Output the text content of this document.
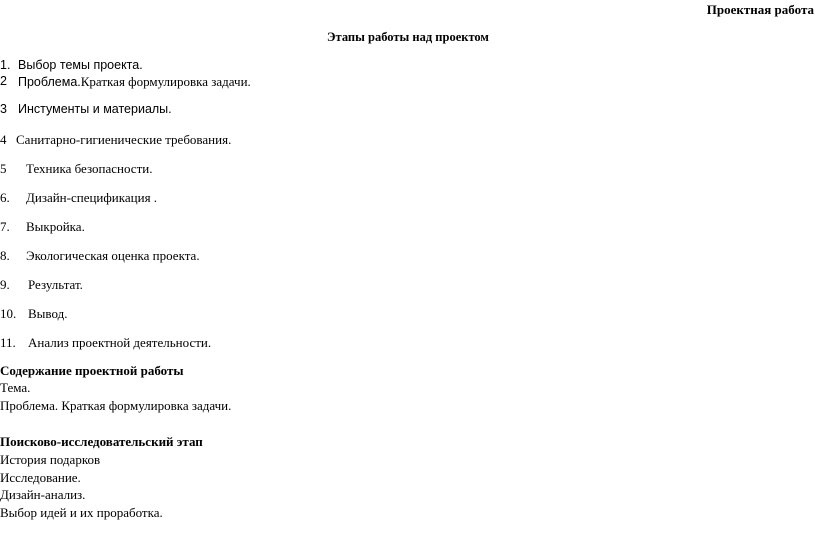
Проектная работа
Этапы работы над проектом
1. Выбор темы проекта.
2 Проблема.Краткая формулировка задачи.
3 Инстументы и материалы.
4 Санитарно-гигиенические требования.
5 Техника безопасности.
6. Дизайн-спецификация .
7. Выкройка.
8. Экологическая оценка проекта.
9. Результат.
10. Вывод.
11. Анализ проектной деятельности.
Содержание проектной работы
Тема.
Проблема. Краткая формулировка задачи.
Поисково-исследовательский этап
История подарков
Исследование.
Дизайн-анализ.
Выбор идей и их проработка.
